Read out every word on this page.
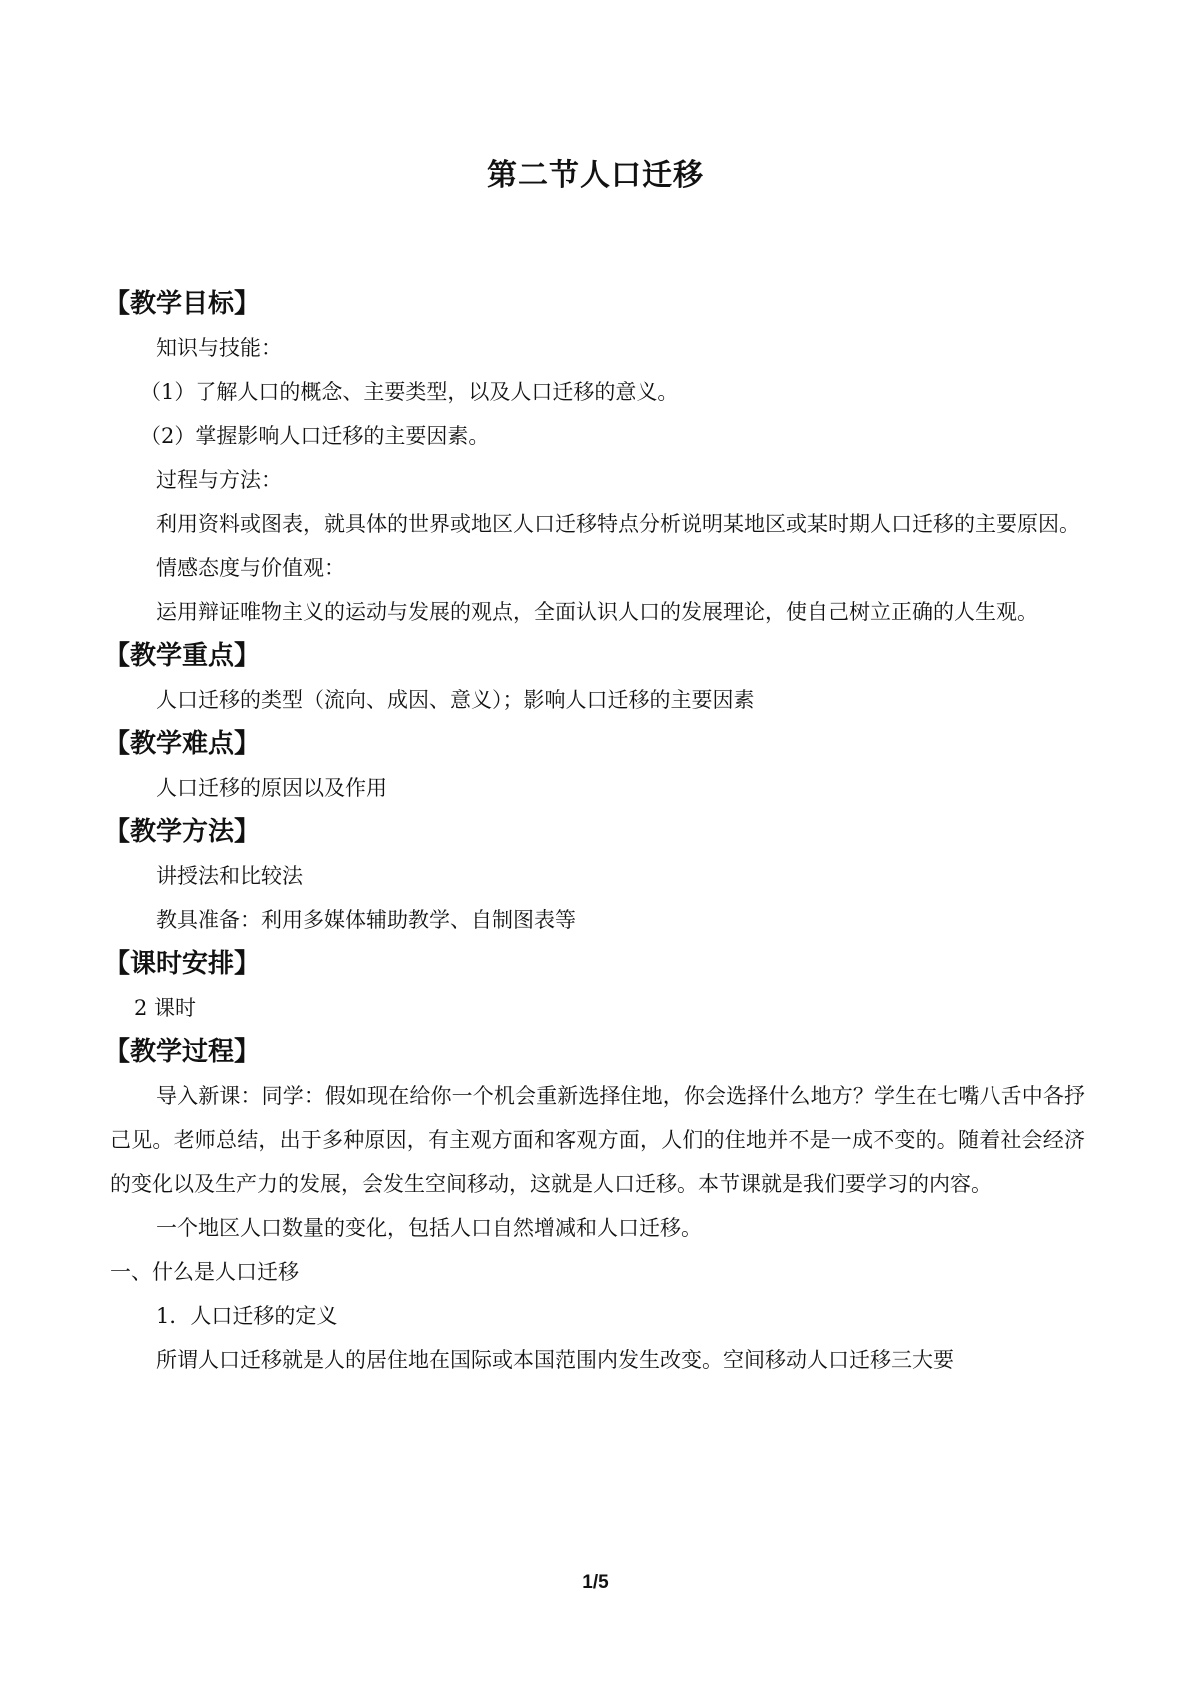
第二节人口迁移
【教学目标】

知识与技能：

（1）了解人口的概念、主要类型，以及人口迁移的意义。

（2）掌握影响人口迁移的主要因素。

过程与方法：

利用资料或图表，就具体的世界或地区人口迁移特点分析说明某地区或某时期人口迁移的主要原因。

情感态度与价值观：

运用辩证唯物主义的运动与发展的观点，全面认识人口的发展理论，使自己树立正确的人生观。

【教学重点】

人口迁移的类型（流向、成因、意义）；影响人口迁移的主要因素

【教学难点】

人口迁移的原因以及作用

【教学方法】

讲授法和比较法

教具准备：利用多媒体辅助教学、自制图表等

【课时安排】

2 课时

【教学过程】

导入新课：同学：假如现在给你一个机会重新选择住地，你会选择什么地方？学生在七嘴八舌中各抒己见。老师总结，出于多种原因，有主观方面和客观方面，人们的住地并不是一成不变的。随着社会经济的变化以及生产力的发展，会发生空间移动，这就是人口迁移。本节课就是我们要学习的内容。

一个地区人口数量的变化，包括人口自然增减和人口迁移。

一、什么是人口迁移

1．人口迁移的定义

所谓人口迁移就是人的居住地在国际或本国范围内发生改变。空间移动人口迁移三大要

1/5
